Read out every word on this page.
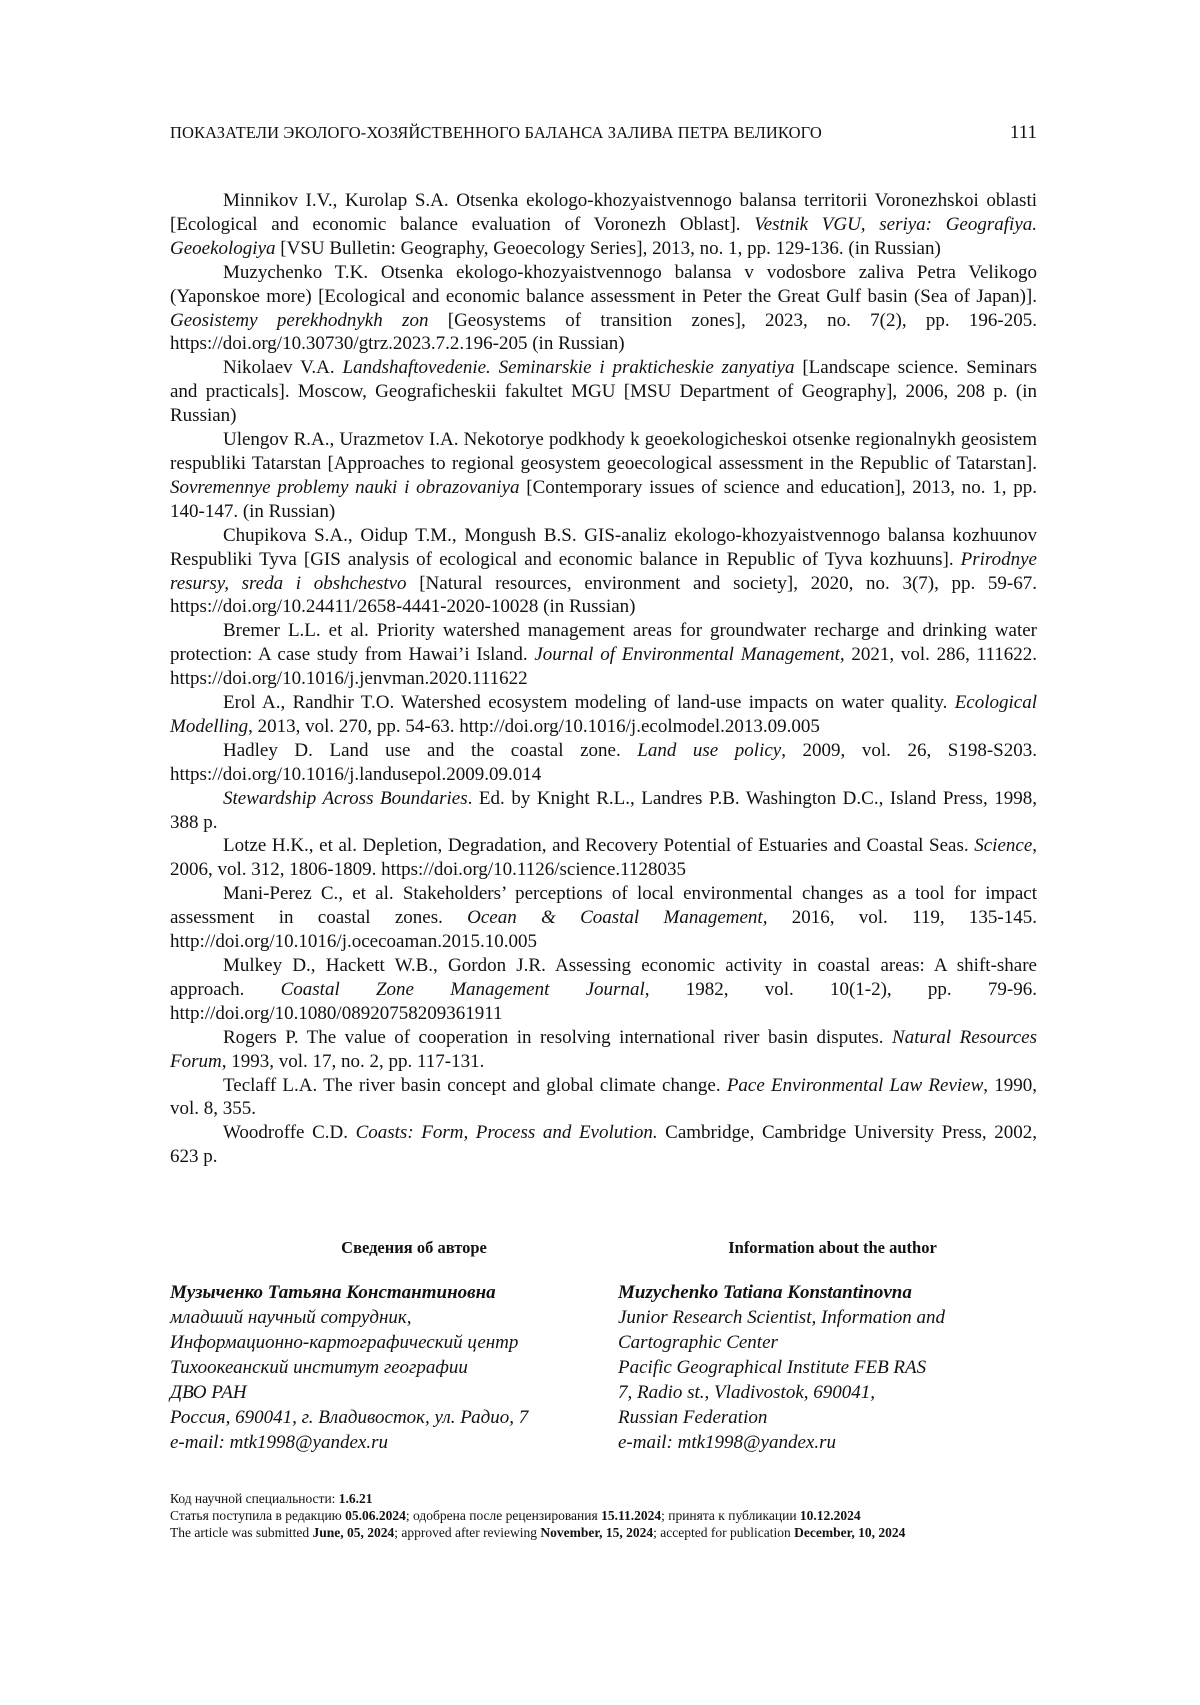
ПОКАЗАТЕЛИ ЭКОЛОГО-ХОЗЯЙСТВЕННОГО БАЛАНСА ЗАЛИВА ПЕТРА ВЕЛИКОГО	111

Minnikov I.V., Kurolap S.A. Otsenka ekologo-khozyaistvennogo balansa territorii Voronezhskoi oblasti [Ecological and economic balance evaluation of Voronezh Oblast]. Vestnik VGU, seriya: Geografiya. Geoekologiya [VSU Bulletin: Geography, Geoecology Series], 2013, no. 1, pp. 129-136. (in Russian)

Muzychenko T.K. Otsenka ekologo-khozyaistvennogo balansa v vodosbore zaliva Petra Velikogo (Yaponskoe more) [Ecological and economic balance assessment in Peter the Great Gulf basin (Sea of Japan)]. Geosistemy perekhodnykh zon [Geosystems of transition zones], 2023, no. 7(2), pp. 196-205. https://doi.org/10.30730/gtrz.2023.7.2.196-205 (in Russian)

Nikolaev V.A. Landshaftovedenie. Seminarskie i prakticheskie zanyatiya [Landscape science. Seminars and practicals]. Moscow, Geograficheskii fakultet MGU [MSU Department of Geography], 2006, 208 p. (in Russian)

Ulengov R.A., Urazmetov I.A. Nekotorye podkhody k geoekologicheskoi otsenke regionalnykh geosistem respubliki Tatarstan [Approaches to regional geosystem geoecological assessment in the Republic of Tatarstan]. Sovremennye problemy nauki i obrazovaniya [Contemporary issues of science and education], 2013, no. 1, pp. 140-147. (in Russian)

Chupikova S.A., Oidup T.M., Mongush B.S. GIS-analiz ekologo-khozyaistvennogo balansa kozhuunov Respubliki Tyva [GIS analysis of ecological and economic balance in Republic of Tyva kozhuuns]. Prirodnye resursy, sreda i obshchestvo [Natural resources, environment and society], 2020, no. 3(7), pp. 59-67. https://doi.org/10.24411/2658-4441-2020-10028 (in Russian)

Bremer L.L. et al. Priority watershed management areas for groundwater recharge and drinking water protection: A case study from Hawai’i Island. Journal of Environmental Management, 2021, vol. 286, 111622. https://doi.org/10.1016/j.jenvman.2020.111622

Erol A., Randhir T.O. Watershed ecosystem modeling of land-use impacts on water quality. Ecological Modelling, 2013, vol. 270, pp. 54-63. http://doi.org/10.1016/j.ecolmodel.2013.09.005

Hadley D. Land use and the coastal zone. Land use policy, 2009, vol. 26, S198-S203. https://doi.org/10.1016/j.landusepol.2009.09.014

Stewardship Across Boundaries. Ed. by Knight R.L., Landres P.B. Washington D.C., Island Press, 1998, 388 p.

Lotze H.K., et al. Depletion, Degradation, and Recovery Potential of Estuaries and Coastal Seas. Science, 2006, vol. 312, 1806-1809. https://doi.org/10.1126/science.1128035

Mani-Perez C., et al. Stakeholders’ perceptions of local environmental changes as a tool for impact assessment in coastal zones. Ocean & Coastal Management, 2016, vol. 119, 135-145. http://doi.org/10.1016/j.ocecoaman.2015.10.005

Mulkey D., Hackett W.B., Gordon J.R. Assessing economic activity in coastal areas: A shift-share approach. Coastal Zone Management Journal, 1982, vol. 10(1-2), pp. 79-96. http://doi.org/10.1080/08920758209361911

Rogers P. The value of cooperation in resolving international river basin disputes. Natural Resources Forum, 1993, vol. 17, no. 2, pp. 117-131.

Teclaff L.A. The river basin concept and global climate change. Pace Environmental Law Review, 1990, vol. 8, 355.

Woodroffe C.D. Coasts: Form, Process and Evolution. Cambridge, Cambridge University Press, 2002, 623 p.

Сведения об авторе
Музыченко Татьяна Константиновна
младший научный сотрудник,
Информационно-картографический центр
Тихоокеанский институт географии
ДВО РАН
Россия, 690041, г. Владивосток, ул. Радио, 7
e-mail: mtk1998@yandex.ru
Information about the author
Muzychenko Tatiana Konstantinovna
Junior Research Scientist, Information and
Cartographic Center
Pacific Geographical Institute FEB RAS
7, Radio st., Vladivostok, 690041,
Russian Federation
e-mail: mtk1998@yandex.ru

Код научной специальности: 1.6.21

Статья поступила в редакцию 05.06.2024; одобрена после рецензирования 15.11.2024; принята к публикации 10.12.2024

The article was submitted June, 05, 2024; approved after reviewing November, 15, 2024; accepted for publication December, 10, 2024
